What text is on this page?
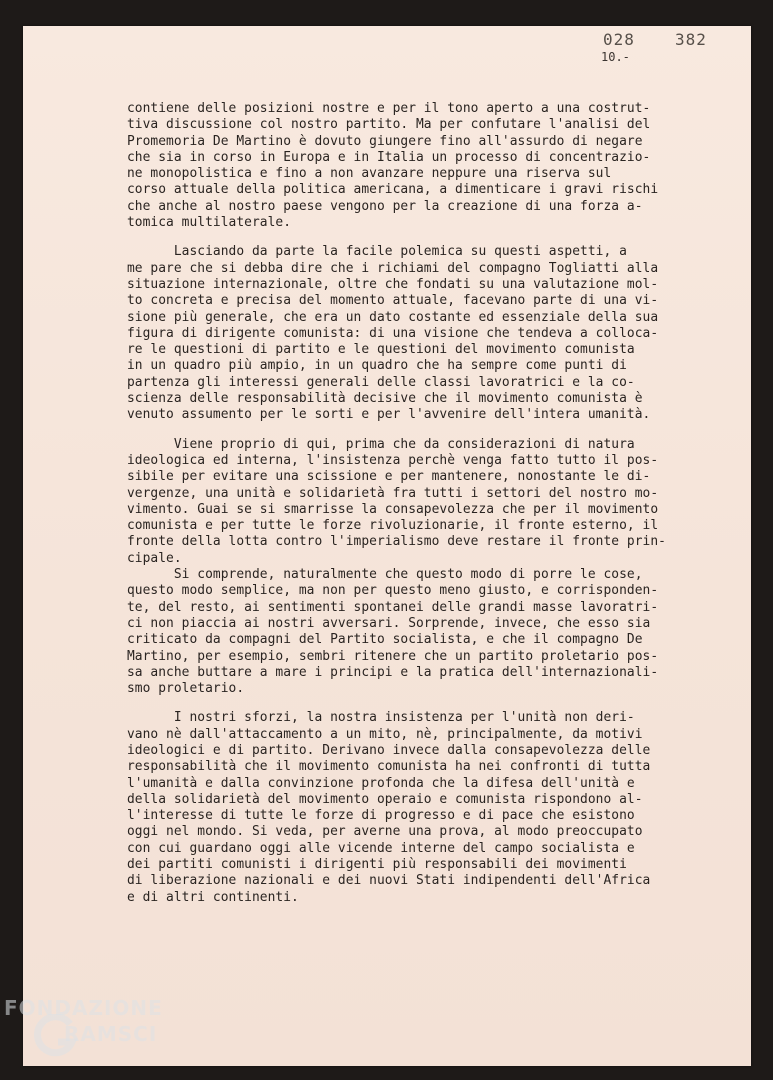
028	382
10.-
contiene delle posizioni nostre e per il tono aperto a una costrut-
tiva discussione col nostro partito. Ma per confutare l'analisi del
Promemoria De Martino è dovuto giungere fino all'assurdo di negare
che sia in corso in Europa e in Italia un processo di concentrazio-
ne monopolistica e fino a non avanzare neppure una riserva sul
corso attuale della politica americana, a dimenticare i gravi rischi
che anche al nostro paese vengono per la creazione di una forza a-
tomica multilaterale.
Lasciando da parte la facile polemica su questi aspetti, a
me pare che si debba dire che i richiami del compagno Togliatti alla
situazione internazionale, oltre che fondati su una valutazione mol-
to concreta e precisa del momento attuale, facevano parte di una vi-
sione più generale, che era un dato costante ed essenziale della sua
figura di dirigente comunista: di una visione che tendeva a colloca-
re le questioni di partito e le questioni del movimento comunista
in un quadro più ampio, in un quadro che ha sempre come punti di
partenza gli interessi generali delle classi lavoratrici e la co-
scienza delle responsabilità decisive che il movimento comunista è
venuto assumento per le sorti e per l'avvenire dell'intera umanità.
Viene proprio di qui, prima che da considerazioni di natura
ideologica ed interna, l'insistenza perchè venga fatto tutto il pos-
sibile per evitare una scissione e per mantenere, nonostante le di-
vergenze, una unità e solidarietà fra tutti i settori del nostro mo-
vimento. Guai se si smarrisse la consapevolezza che per il movimento
comunista e per tutte le forze rivoluzionarie, il fronte esterno, il
fronte della lotta contro l'imperialismo deve restare il fronte prin-
cipale.
Si comprende, naturalmente che questo modo di porre le cose,
questo modo semplice, ma non per questo meno giusto, e corrisponden-
te, del resto, ai sentimenti spontanei delle grandi masse lavoratri-
ci non piaccia ai nostri avversari. Sorprende, invece, che esso sia
criticato da compagni del Partito socialista, e che il compagno De
Martino, per esempio, sembri ritenere che un partito proletario pos-
sa anche buttare a mare i principi e la pratica dell'internazionali-
smo proletario.
I nostri sforzi, la nostra insistenza per l'unità non deri-
vano nè dall'attaccamento a un mito, nè, principalmente, da motivi
ideologici e di partito. Derivano invece dalla consapevolezza delle
responsabilità che il movimento comunista ha nei confronti di tutta
l'umanità e dalla convinzione profonda che la difesa dell'unità e
della solidarietà del movimento operaio e comunista rispondono al-
l'interesse di tutte le forze di progresso e di pace che esistono
oggi nel mondo. Si veda, per averne una prova, al modo preoccupato
con cui guardano oggi alle vicende interne del campo socialista e
dei partiti comunisti i dirigenti più responsabili dei movimenti
di liberazione nazionali e dei nuovi Stati indipendenti dell'Africa
e di altri continenti.
FONDAZIONE
RAMSCI
